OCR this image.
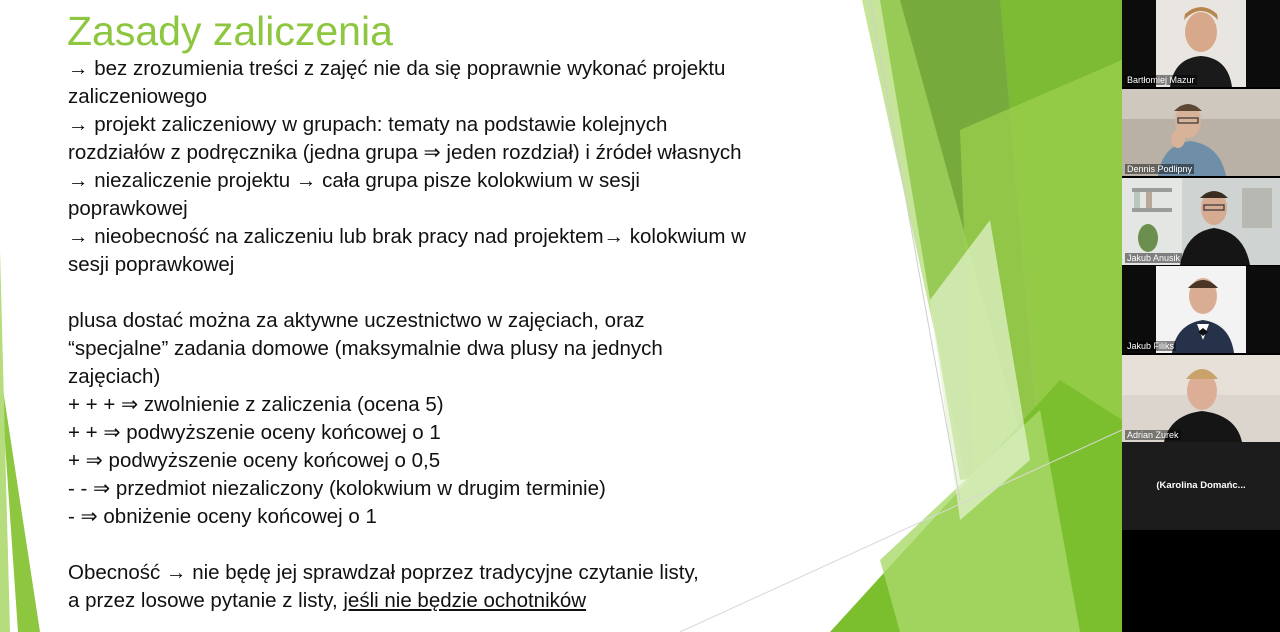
Zasady zaliczenia

→ bez zrozumienia treści z zajęć nie da się poprawnie wykonać projektu

zaliczeniowego

→ projekt zaliczeniowy w grupach: tematy na podstawie kolejnych

rozdziałów z podręcznika (jedna grupa ⇒ jeden rozdział) i źródeł własnych

→ niezaliczenie projektu → cała grupa pisze kolokwium w sesji

poprawkowej

→ nieobecność na zaliczeniu lub brak pracy nad projektem→ kolokwium w

sesji poprawkowej

plusa dostać można za aktywne uczestnictwo w zajęciach, oraz

“specjalne” zadania domowe (maksymalnie dwa plusy na jednych

zajęciach)

+ + + ⇒ zwolnienie z zaliczenia (ocena 5)

+ + ⇒ podwyższenie oceny końcowej o 1

+ ⇒ podwyższenie oceny końcowej o 0,5

- - ⇒ przedmiot niezaliczony (kolokwium w drugim terminie)

- ⇒ obniżenie oceny końcowej o 1

Obecność → nie będę jej sprawdzał poprzez tradycyjne czytanie listy,

a przez losowe pytanie z listy, jeśli nie będzie ochotników

Bartłomiej Mazur
Dennis Podlipny
Jakub Anusik
Jakub Filiks
Adrian Zurek
(Karolina Domańc...
